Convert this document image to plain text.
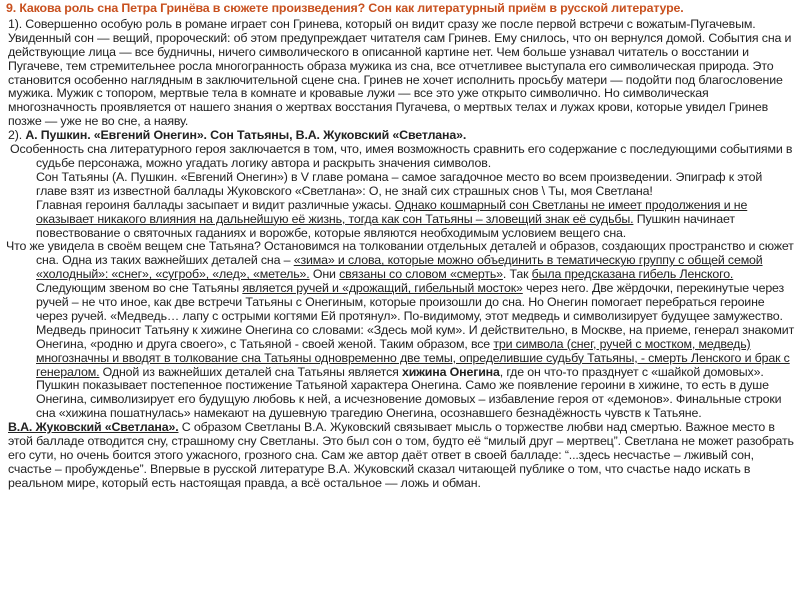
9. Какова роль сна Петра Гринёва в сюжете произведения? Сон как литературный приём в русской литературе.

1). Совершенно особую роль в романе играет сон Гринева, который он видит сразу же после первой встречи с вожатым-Пугачевым. Увиденный сон — вещий, пророческий: об этом предупреждает читателя сам Гринев. Ему снилось, что он вернулся домой. События сна и действующие лица — все будничны, ничего символического в описанной картине нет. Чем больше узнавал читатель о восстании и Пугачеве, тем стремительнее росла многогранность образа мужика из сна, все отчетливее выступала его символическая природа. Это становится особенно наглядным в заключительной сцене сна. Гринев не хочет исполнить просьбу матери — подойти под благословение мужика. Мужик с топором, мертвые тела в комнате и кровавые лужи — все это уже открыто символично. Но символическая многозначность проявляется от нашего знания о жертвах восстания Пугачева, о мертвых телах и лужах крови, которые увидел Гринев позже — уже не во сне, а наяву.

2). А. Пушкин. «Евгений Онегин». Сон Татьяны, В.А. Жуковский «Светлана».

Особенность сна литературного героя заключается в том, что, имея возможность сравнить его содержание с последующими событиями в судьбе персонажа, можно угадать логику автора и раскрыть значения символов.

Сон Татьяны (А. Пушкин. «Евгений Онегин») в V главе романа – самое загадочное место во всем произведении. Эпиграф к этой главе взят из известной баллады Жуковского «Светлана»: О, не знай сих страшных снов \ Ты, моя Светлана!

Главная героиня баллады засыпает и видит различные ужасы. Однако кошмарный сон Светланы не имеет продолжения и не оказывает никакого влияния на дальнейшую её жизнь, тогда как сон Татьяны – зловещий знак её судьбы. Пушкин начинает повествование о святочных гаданиях и ворожбе, которые являются необходимым условием вещего сна.

Что же увидела в своём вещем сне Татьяна? Остановимся на толковании отдельных деталей и образов, создающих пространство и сюжет сна. Одна из таких важнейших деталей сна – «зима» и слова, которые можно объединить в тематическую группу с общей семой «холодный»: «снег», «сугроб», «лед», «метель». Они связаны со словом «смерть». Так была предсказана гибель Ленского.

Следующим звеном во сне Татьяны является ручей и «дрожащий, гибельный мосток» через него. Две жёрдочки, перекинутые через ручей – не что иное, как две встречи Татьяны с Онегиным, которые произошли до сна. Но Онегин помогает перебраться героине через ручей. «Медведь… лапу с острыми когтями Ей протянул». По-видимому, этот медведь и символизирует будущее замужество. Медведь приносит Татьяну к хижине Онегина со словами: «Здесь мой кум». И действительно, в Москве, на приеме, генерал знакомит Онегина, «родню и друга своего», с Татьяной - своей женой. Таким образом, все три символа (снег, ручей с мостком, медведь) многозначны и вводят в толкование сна Татьяны одновременно две темы, определившие судьбу Татьяны, - смерть Ленского и брак с генералом. Одной из важнейших деталей сна Татьяны является хижина Онегина, где он что-то празднует с «шайкой домовых». Пушкин показывает постепенное постижение Татьяной характера Онегина. Само же появление героини в хижине, то есть в душе Онегина, символизирует его будущую любовь к ней, а исчезновение домовых – избавление героя от «демонов». Финальные строки сна «хижина пошатнулась» намекают на душевную трагедию Онегина, осознавшего безнадёжность чувств к Татьяне.

В.А. Жуковский «Светлана». С образом Светланы В.А. Жуковский связывает мысль о торжестве любви над смертью. Важное место в этой балладе отводится сну, страшному сну Светланы. Это был сон о том, будто её “милый друг – мертвец”. Светлана не может разобрать его сути, но очень боится этого ужасного, грозного сна. Сам же автор даёт ответ в своей балладе: “...здесь несчастье – лживый сон, счастье – пробужденье”. Впервые в русской литературе В.А. Жуковский сказал читающей публике о том, что счастье надо искать в реальном мире, который есть настоящая правда, а всё остальное — ложь и обман.
